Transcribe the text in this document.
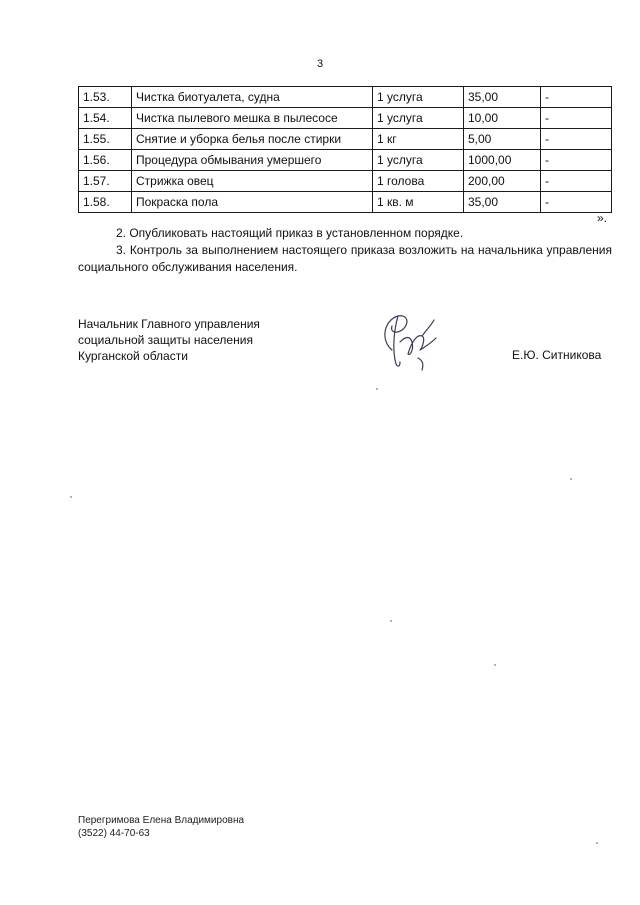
3
1.53.	Чистка биотуалета, судна	1 услуга	35,00	-
1.54.	Чистка пылевого мешка в пылесосе	1 услуга	10,00	-
1.55.	Снятие и уборка белья после стирки	1 кг	5,00	-
1.56.	Процедура обмывания умершего	1 услуга	1000,00	-
1.57.	Стрижка овец	1 голова	200,00	-
1.58.	Покраска пола	1 кв. м	35,00	-
».
2. Опубликовать настоящий приказ в установленном порядке.
3. Контроль за выполнением настоящего приказа возложить на начальника управления социального обслуживания населения.
Начальник Главного управления
социальной защиты населения
Курганской области	Е.Ю. Ситникова
Перегримова Елена Владимировна
(3522) 44-70-63
